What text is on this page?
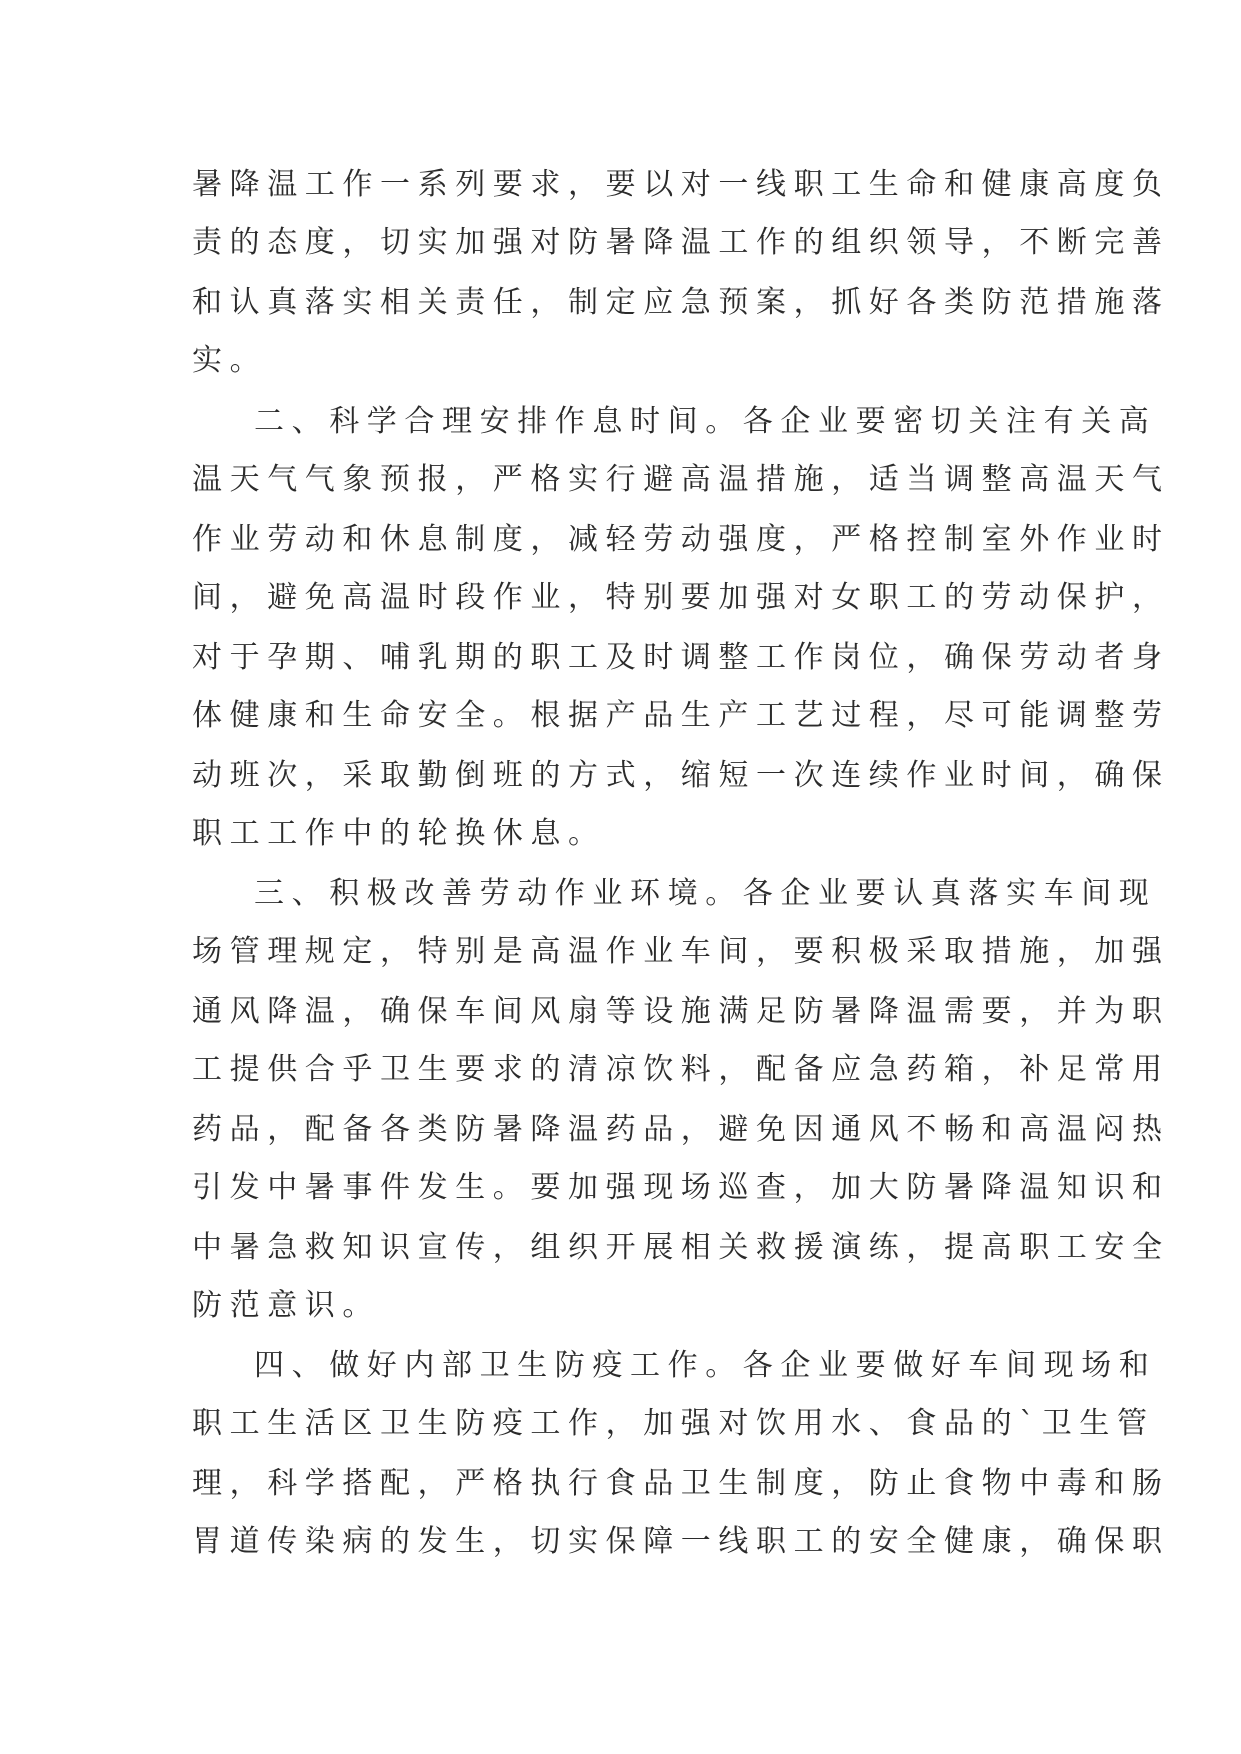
暑降温工作一系列要求，要以对一线职工生命和健康高度负
责的态度，切实加强对防暑降温工作的组织领导，不断完善
和认真落实相关责任，制定应急预案，抓好各类防范措施落
实。
二、科学合理安排作息时间。各企业要密切关注有关高
温天气气象预报，严格实行避高温措施，适当调整高温天气
作业劳动和休息制度，减轻劳动强度，严格控制室外作业时
间，避免高温时段作业，特别要加强对女职工的劳动保护，
对于孕期、哺乳期的职工及时调整工作岗位，确保劳动者身
体健康和生命安全。根据产品生产工艺过程，尽可能调整劳
动班次，采取勤倒班的方式，缩短一次连续作业时间，确保
职工工作中的轮换休息。
三、积极改善劳动作业环境。各企业要认真落实车间现
场管理规定，特别是高温作业车间，要积极采取措施，加强
通风降温，确保车间风扇等设施满足防暑降温需要，并为职
工提供合乎卫生要求的清凉饮料，配备应急药箱，补足常用
药品，配备各类防暑降温药品，避免因通风不畅和高温闷热
引发中暑事件发生。要加强现场巡查，加大防暑降温知识和
中暑急救知识宣传，组织开展相关救援演练，提高职工安全
防范意识。
四、做好内部卫生防疫工作。各企业要做好车间现场和
职工生活区卫生防疫工作，加强对饮用水、食品的`卫生管
理，科学搭配，严格执行食品卫生制度，防止食物中毒和肠
胃道传染病的发生，切实保障一线职工的安全健康，确保职
